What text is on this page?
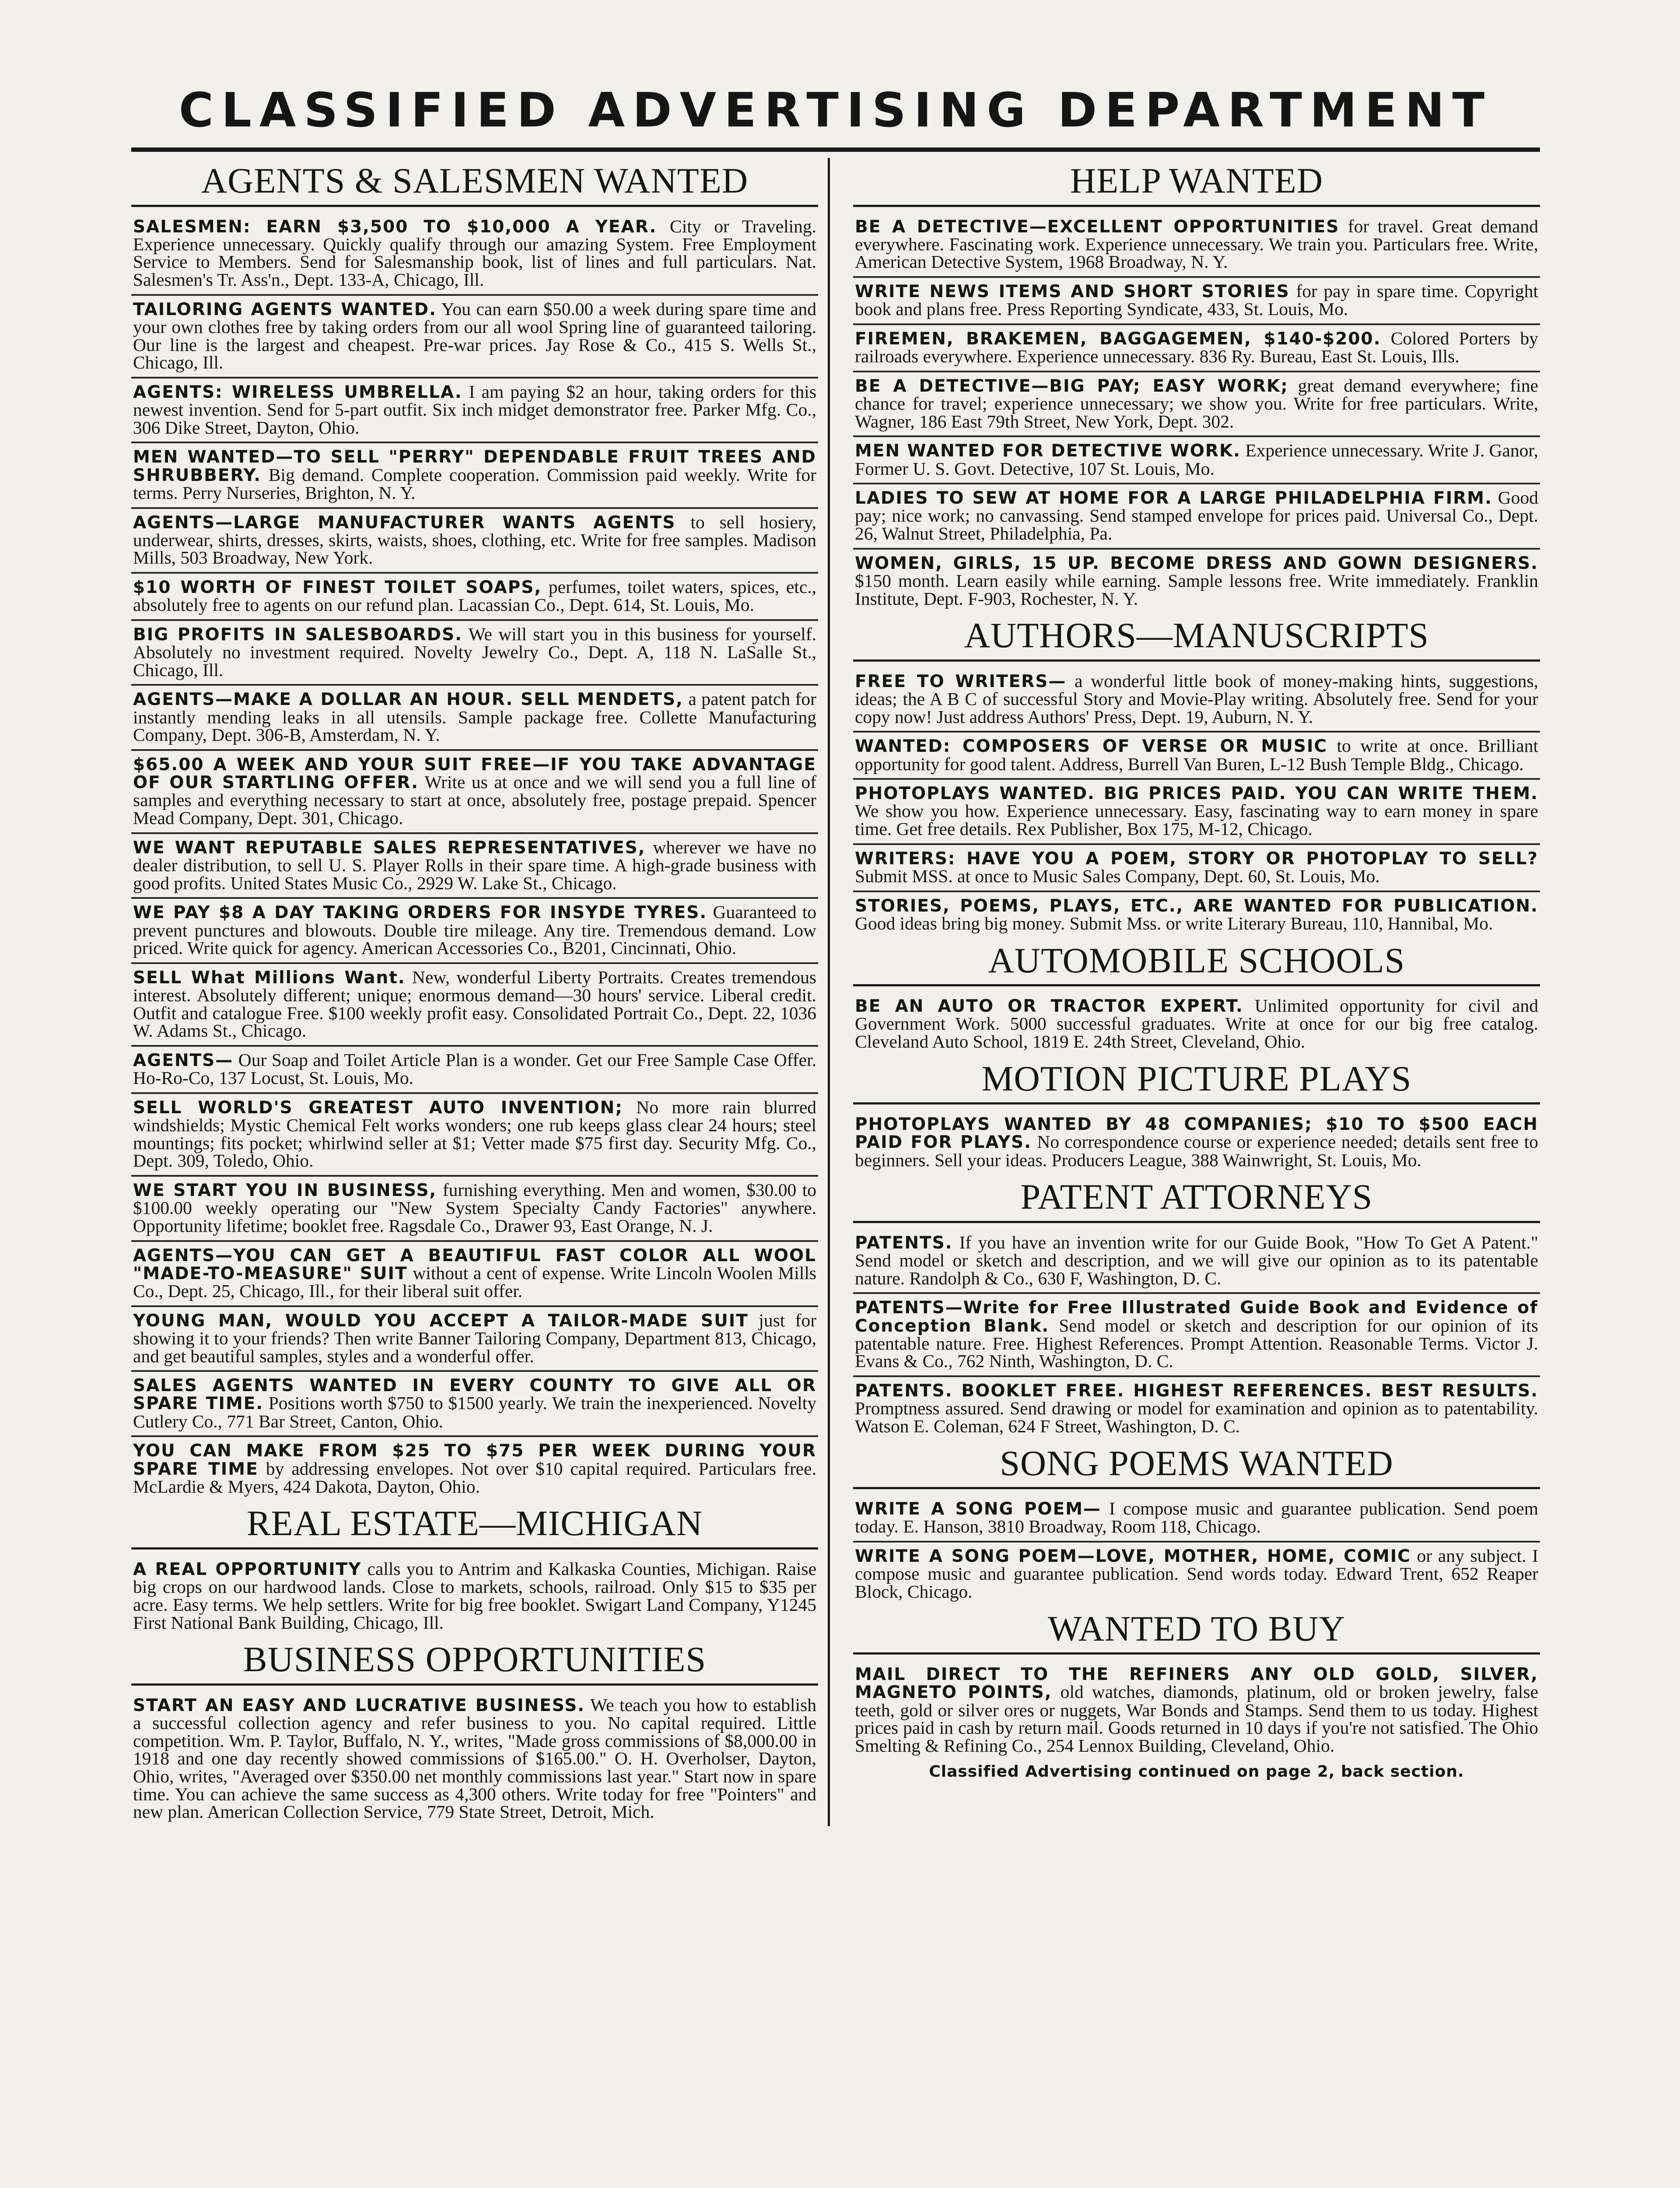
CLASSIFIED ADVERTISING DEPARTMENT
AGENTS & SALESMEN WANTED
SALESMEN: EARN $3,500 TO $10,000 A YEAR. City or Traveling. Experience unnecessary. Quickly qualify through our amazing System. Free Employment Service to Members. Send for Salesmanship book, list of lines and full particulars. Nat. Salesmen's Tr. Ass'n., Dept. 133-A, Chicago, Ill.
TAILORING AGENTS WANTED. You can earn $50.00 a week during spare time and your own clothes free by taking orders from our all wool Spring line of guaranteed tailoring. Our line is the largest and cheapest. Pre-war prices. Jay Rose & Co., 415 S. Wells St., Chicago, Ill.
AGENTS: WIRELESS UMBRELLA. I am paying $2 an hour, taking orders for this newest invention. Send for 5-part outfit. Six inch midget demonstrator free. Parker Mfg. Co., 306 Dike Street, Dayton, Ohio.
MEN WANTED—TO SELL "PERRY" DEPENDABLE FRUIT TREES AND SHRUBBERY. Big demand. Complete cooperation. Commission paid weekly. Write for terms. Perry Nurseries, Brighton, N. Y.
AGENTS—LARGE MANUFACTURER WANTS AGENTS to sell hosiery, underwear, shirts, dresses, skirts, waists, shoes, clothing, etc. Write for free samples. Madison Mills, 503 Broadway, New York.
$10 WORTH OF FINEST TOILET SOAPS, perfumes, toilet waters, spices, etc., absolutely free to agents on our refund plan. Lacassian Co., Dept. 614, St. Louis, Mo.
BIG PROFITS IN SALESBOARDS. We will start you in this business for yourself. Absolutely no investment required. Novelty Jewelry Co., Dept. A, 118 N. LaSalle St., Chicago, Ill.
AGENTS—MAKE A DOLLAR AN HOUR. SELL MENDETS, a patent patch for instantly mending leaks in all utensils. Sample package free. Collette Manufacturing Company, Dept. 306-B, Amsterdam, N. Y.
$65.00 A WEEK AND YOUR SUIT FREE—IF YOU TAKE ADVANTAGE OF OUR STARTLING OFFER. Write us at once and we will send you a full line of samples and everything necessary to start at once, absolutely free, postage prepaid. Spencer Mead Company, Dept. 301, Chicago.
WE WANT REPUTABLE SALES REPRESENTATIVES, wherever we have no dealer distribution, to sell U. S. Player Rolls in their spare time. A high-grade business with good profits. United States Music Co., 2929 W. Lake St., Chicago.
WE PAY $8 A DAY TAKING ORDERS FOR INSYDE TYRES. Guaranteed to prevent punctures and blowouts. Double tire mileage. Any tire. Tremendous demand. Low priced. Write quick for agency. American Accessories Co., B201, Cincinnati, Ohio.
SELL What Millions Want. New, wonderful Liberty Portraits. Creates tremendous interest. Absolutely different; unique; enormous demand—30 hours' service. Liberal credit. Outfit and catalogue Free. $100 weekly profit easy. Consolidated Portrait Co., Dept. 22, 1036 W. Adams St., Chicago.
AGENTS— Our Soap and Toilet Article Plan is a wonder. Get our Free Sample Case Offer. Ho-Ro-Co, 137 Locust, St. Louis, Mo.
SELL WORLD'S GREATEST AUTO INVENTION; No more rain blurred windshields; Mystic Chemical Felt works wonders; one rub keeps glass clear 24 hours; steel mountings; fits pocket; whirlwind seller at $1; Vetter made $75 first day. Security Mfg. Co., Dept. 309, Toledo, Ohio.
WE START YOU IN BUSINESS, furnishing everything. Men and women, $30.00 to $100.00 weekly operating our "New System Specialty Candy Factories" anywhere. Opportunity lifetime; booklet free. Ragsdale Co., Drawer 93, East Orange, N. J.
AGENTS—YOU CAN GET A BEAUTIFUL FAST COLOR ALL WOOL "MADE-TO-MEASURE" SUIT without a cent of expense. Write Lincoln Woolen Mills Co., Dept. 25, Chicago, Ill., for their liberal suit offer.
YOUNG MAN, WOULD YOU ACCEPT A TAILOR-MADE SUIT just for showing it to your friends? Then write Banner Tailoring Company, Department 813, Chicago, and get beautiful samples, styles and a wonderful offer.
SALES AGENTS WANTED IN EVERY COUNTY TO GIVE ALL OR SPARE TIME. Positions worth $750 to $1500 yearly. We train the inexperienced. Novelty Cutlery Co., 771 Bar Street, Canton, Ohio.
YOU CAN MAKE FROM $25 TO $75 PER WEEK DURING YOUR SPARE TIME by addressing envelopes. Not over $10 capital required. Particulars free. McLardie & Myers, 424 Dakota, Dayton, Ohio.
REAL ESTATE—MICHIGAN
A REAL OPPORTUNITY calls you to Antrim and Kalkaska Counties, Michigan. Raise big crops on our hardwood lands. Close to markets, schools, railroad. Only $15 to $35 per acre. Easy terms. We help settlers. Write for big free booklet. Swigart Land Company, Y1245 First National Bank Building, Chicago, Ill.
BUSINESS OPPORTUNITIES
START AN EASY AND LUCRATIVE BUSINESS. We teach you how to establish a successful collection agency and refer business to you. No capital required. Little competition. Wm. P. Taylor, Buffalo, N. Y., writes, "Made gross commissions of $8,000.00 in 1918 and one day recently showed commissions of $165.00." O. H. Overholser, Dayton, Ohio, writes, "Averaged over $350.00 net monthly commissions last year." Start now in spare time. You can achieve the same success as 4,300 others. Write today for free "Pointers" and new plan. American Collection Service, 779 State Street, Detroit, Mich.
HELP WANTED
BE A DETECTIVE—EXCELLENT OPPORTUNITIES for travel. Great demand everywhere. Fascinating work. Experience unnecessary. We train you. Particulars free. Write, American Detective System, 1968 Broadway, N. Y.
WRITE NEWS ITEMS AND SHORT STORIES for pay in spare time. Copyright book and plans free. Press Reporting Syndicate, 433, St. Louis, Mo.
FIREMEN, BRAKEMEN, BAGGAGEMEN, $140-$200. Colored Porters by railroads everywhere. Experience unnecessary. 836 Ry. Bureau, East St. Louis, Ills.
BE A DETECTIVE—BIG PAY; EASY WORK; great demand everywhere; fine chance for travel; experience unnecessary; we show you. Write for free particulars. Write, Wagner, 186 East 79th Street, New York, Dept. 302.
MEN WANTED FOR DETECTIVE WORK. Experience unnecessary. Write J. Ganor, Former U. S. Govt. Detective, 107 St. Louis, Mo.
LADIES TO SEW AT HOME FOR A LARGE PHILADELPHIA FIRM. Good pay; nice work; no canvassing. Send stamped envelope for prices paid. Universal Co., Dept. 26, Walnut Street, Philadelphia, Pa.
WOMEN, GIRLS, 15 UP. BECOME DRESS AND GOWN DESIGNERS. $150 month. Learn easily while earning. Sample lessons free. Write immediately. Franklin Institute, Dept. F-903, Rochester, N. Y.
AUTHORS—MANUSCRIPTS
FREE TO WRITERS— a wonderful little book of money-making hints, suggestions, ideas; the A B C of successful Story and Movie-Play writing. Absolutely free. Send for your copy now! Just address Authors' Press, Dept. 19, Auburn, N. Y.
WANTED: COMPOSERS OF VERSE OR MUSIC to write at once. Brilliant opportunity for good talent. Address, Burrell Van Buren, L-12 Bush Temple Bldg., Chicago.
PHOTOPLAYS WANTED. BIG PRICES PAID. YOU CAN WRITE THEM. We show you how. Experience unnecessary. Easy, fascinating way to earn money in spare time. Get free details. Rex Publisher, Box 175, M-12, Chicago.
WRITERS: HAVE YOU A POEM, STORY OR PHOTOPLAY TO SELL? Submit MSS. at once to Music Sales Company, Dept. 60, St. Louis, Mo.
STORIES, POEMS, PLAYS, ETC., ARE WANTED FOR PUBLICATION. Good ideas bring big money. Submit Mss. or write Literary Bureau, 110, Hannibal, Mo.
AUTOMOBILE SCHOOLS
BE AN AUTO OR TRACTOR EXPERT. Unlimited opportunity for civil and Government Work. 5000 successful graduates. Write at once for our big free catalog. Cleveland Auto School, 1819 E. 24th Street, Cleveland, Ohio.
MOTION PICTURE PLAYS
PHOTOPLAYS WANTED BY 48 COMPANIES; $10 TO $500 EACH PAID FOR PLAYS. No correspondence course or experience needed; details sent free to beginners. Sell your ideas. Producers League, 388 Wainwright, St. Louis, Mo.
PATENT ATTORNEYS
PATENTS. If you have an invention write for our Guide Book, "How To Get A Patent." Send model or sketch and description, and we will give our opinion as to its patentable nature. Randolph & Co., 630 F, Washington, D. C.
PATENTS—Write for Free Illustrated Guide Book and Evidence of Conception Blank. Send model or sketch and description for our opinion of its patentable nature. Free. Highest References. Prompt Attention. Reasonable Terms. Victor J. Evans & Co., 762 Ninth, Washington, D. C.
PATENTS. BOOKLET FREE. HIGHEST REFERENCES. BEST RESULTS. Promptness assured. Send drawing or model for examination and opinion as to patentability. Watson E. Coleman, 624 F Street, Washington, D. C.
SONG POEMS WANTED
WRITE A SONG POEM— I compose music and guarantee publication. Send poem today. E. Hanson, 3810 Broadway, Room 118, Chicago.
WRITE A SONG POEM—LOVE, MOTHER, HOME, COMIC or any subject. I compose music and guarantee publication. Send words today. Edward Trent, 652 Reaper Block, Chicago.
WANTED TO BUY
MAIL DIRECT TO THE REFINERS ANY OLD GOLD, SILVER, MAGNETO POINTS, old watches, diamonds, platinum, old or broken jewelry, false teeth, gold or silver ores or nuggets, War Bonds and Stamps. Send them to us today. Highest prices paid in cash by return mail. Goods returned in 10 days if you're not satisfied. The Ohio Smelting & Refining Co., 254 Lennox Building, Cleveland, Ohio.
Classified Advertising continued on page 2, back section.
